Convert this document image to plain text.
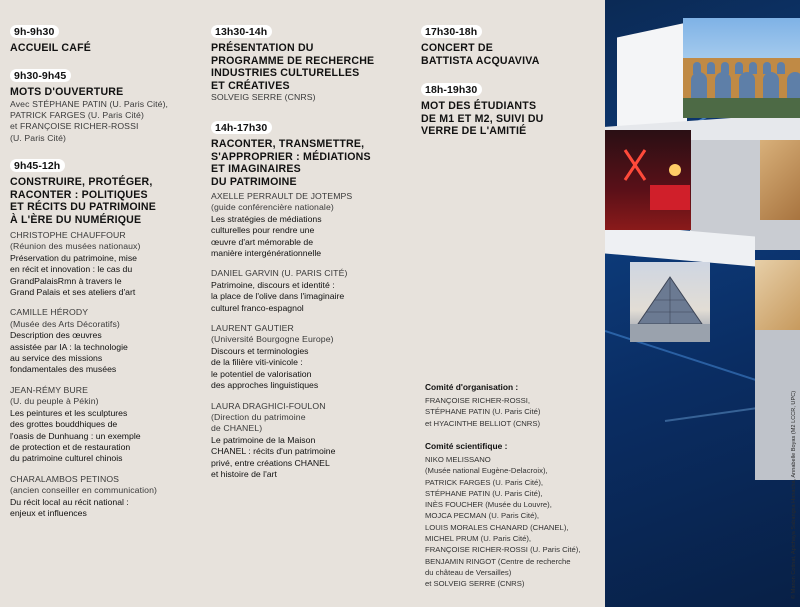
9h-9h30
ACCUEIL CAFÉ
9h30-9h45
MOTS D'OUVERTURE
Avec STÉPHANE PATIN (U. Paris Cité),
PATRICK FARGES (U. Paris Cité)
et FRANÇOISE RICHER-ROSSI
(U. Paris Cité)
9h45-12h
CONSTRUIRE, PROTÉGER,
RACONTER : POLITIQUES
ET RÉCITS DU PATRIMOINE
À L'ÈRE DU NUMÉRIQUE
CHRISTOPHE CHAUFFOUR
(Réunion des musées nationaux)
Préservation du patrimoine, mise
en récit et innovation : le cas du
GrandPalaisRmn à travers le
Grand Palais et ses ateliers d'art
CAMILLE HÉRODY
(Musée des Arts Décoratifs)
Description des œuvres
assistée par IA : la technologie
au service des missions
fondamentales des musées
JEAN-RÉMY BURE
(U. du peuple à Pékin)
Les peintures et les sculptures
des grottes bouddhiques de
l'oasis de Dunhuang : un exemple
de protection et de restauration
du patrimoine culturel chinois
CHARALAMBOS PETINOS
(ancien conseiller en communication)
Du récit local au récit national :
enjeux et influences
13h30-14h
PRÉSENTATION DU
PROGRAMME DE RECHERCHE
INDUSTRIES CULTURELLES
ET CRÉATIVES
SOLVEIG SERRE (CNRS)
14h-17h30
RACONTER, TRANSMETTRE,
S'APPROPRIER : MÉDIATIONS
ET IMAGINAIRES
DU PATRIMOINE
AXELLE PERRAULT DE JOTEMPS
(guide conférencière nationale)
Les stratégies de médiations
culturelles pour rendre une
œuvre d'art mémorable de
manière intergénérationnelle
DANIEL GARVIN (U. PARIS CITÉ)
Patrimoine, discours et identité :
la place de l'olive dans l'imaginaire
culturel franco-espagnol
LAURENT GAUTIER
(Université Bourgogne Europe)
Discours et terminologies
de la filière viti-vinicole :
le potentiel de valorisation
des approches linguistiques
LAURA DRAGHICI-FOULON
(Direction du patrimoine
de CHANEL)
Le patrimoine de la Maison
CHANEL : récits d'un patrimoine
privé, entre créations CHANEL
et histoire de l'art
17h30-18h
CONCERT DE
BATTISTA ACQUAVIVA
18h-19h30
MOT DES ÉTUDIANTS
DE M1 ET M2, SUIVI DU
VERRE DE L'AMITIÉ
Comité d'organisation :
FRANÇOISE RICHER-ROSSI,
STÉPHANE PATIN (U. Paris Cité)
et HYACINTHE BELLIOT (CNRS)
Comité scientifique :
NIKO MELISSANO
(Musée national Eugène-Delacroix),
PATRICK FARGES (U. Paris Cité),
STÉPHANE PATIN (U. Paris Cité),
INÈS FOUCHER (Musée du Louvre),
MOJCA PECMAN (U. Paris Cité),
LOUIS MORALES CHANARD (CHANEL),
MICHEL PRUM (U. Paris Cité),
FRANÇOISE RICHER-ROSSI (U. Paris Cité),
BENJAMIN RINGOT (Centre de recherche
du château de Versailles)
et SOLVEIG SERRE (CNRS)	© Manon Cotinat, Apichaya Sabangsa Hanacha, Annabelle Boyas (M2 LCCR, UPC)
